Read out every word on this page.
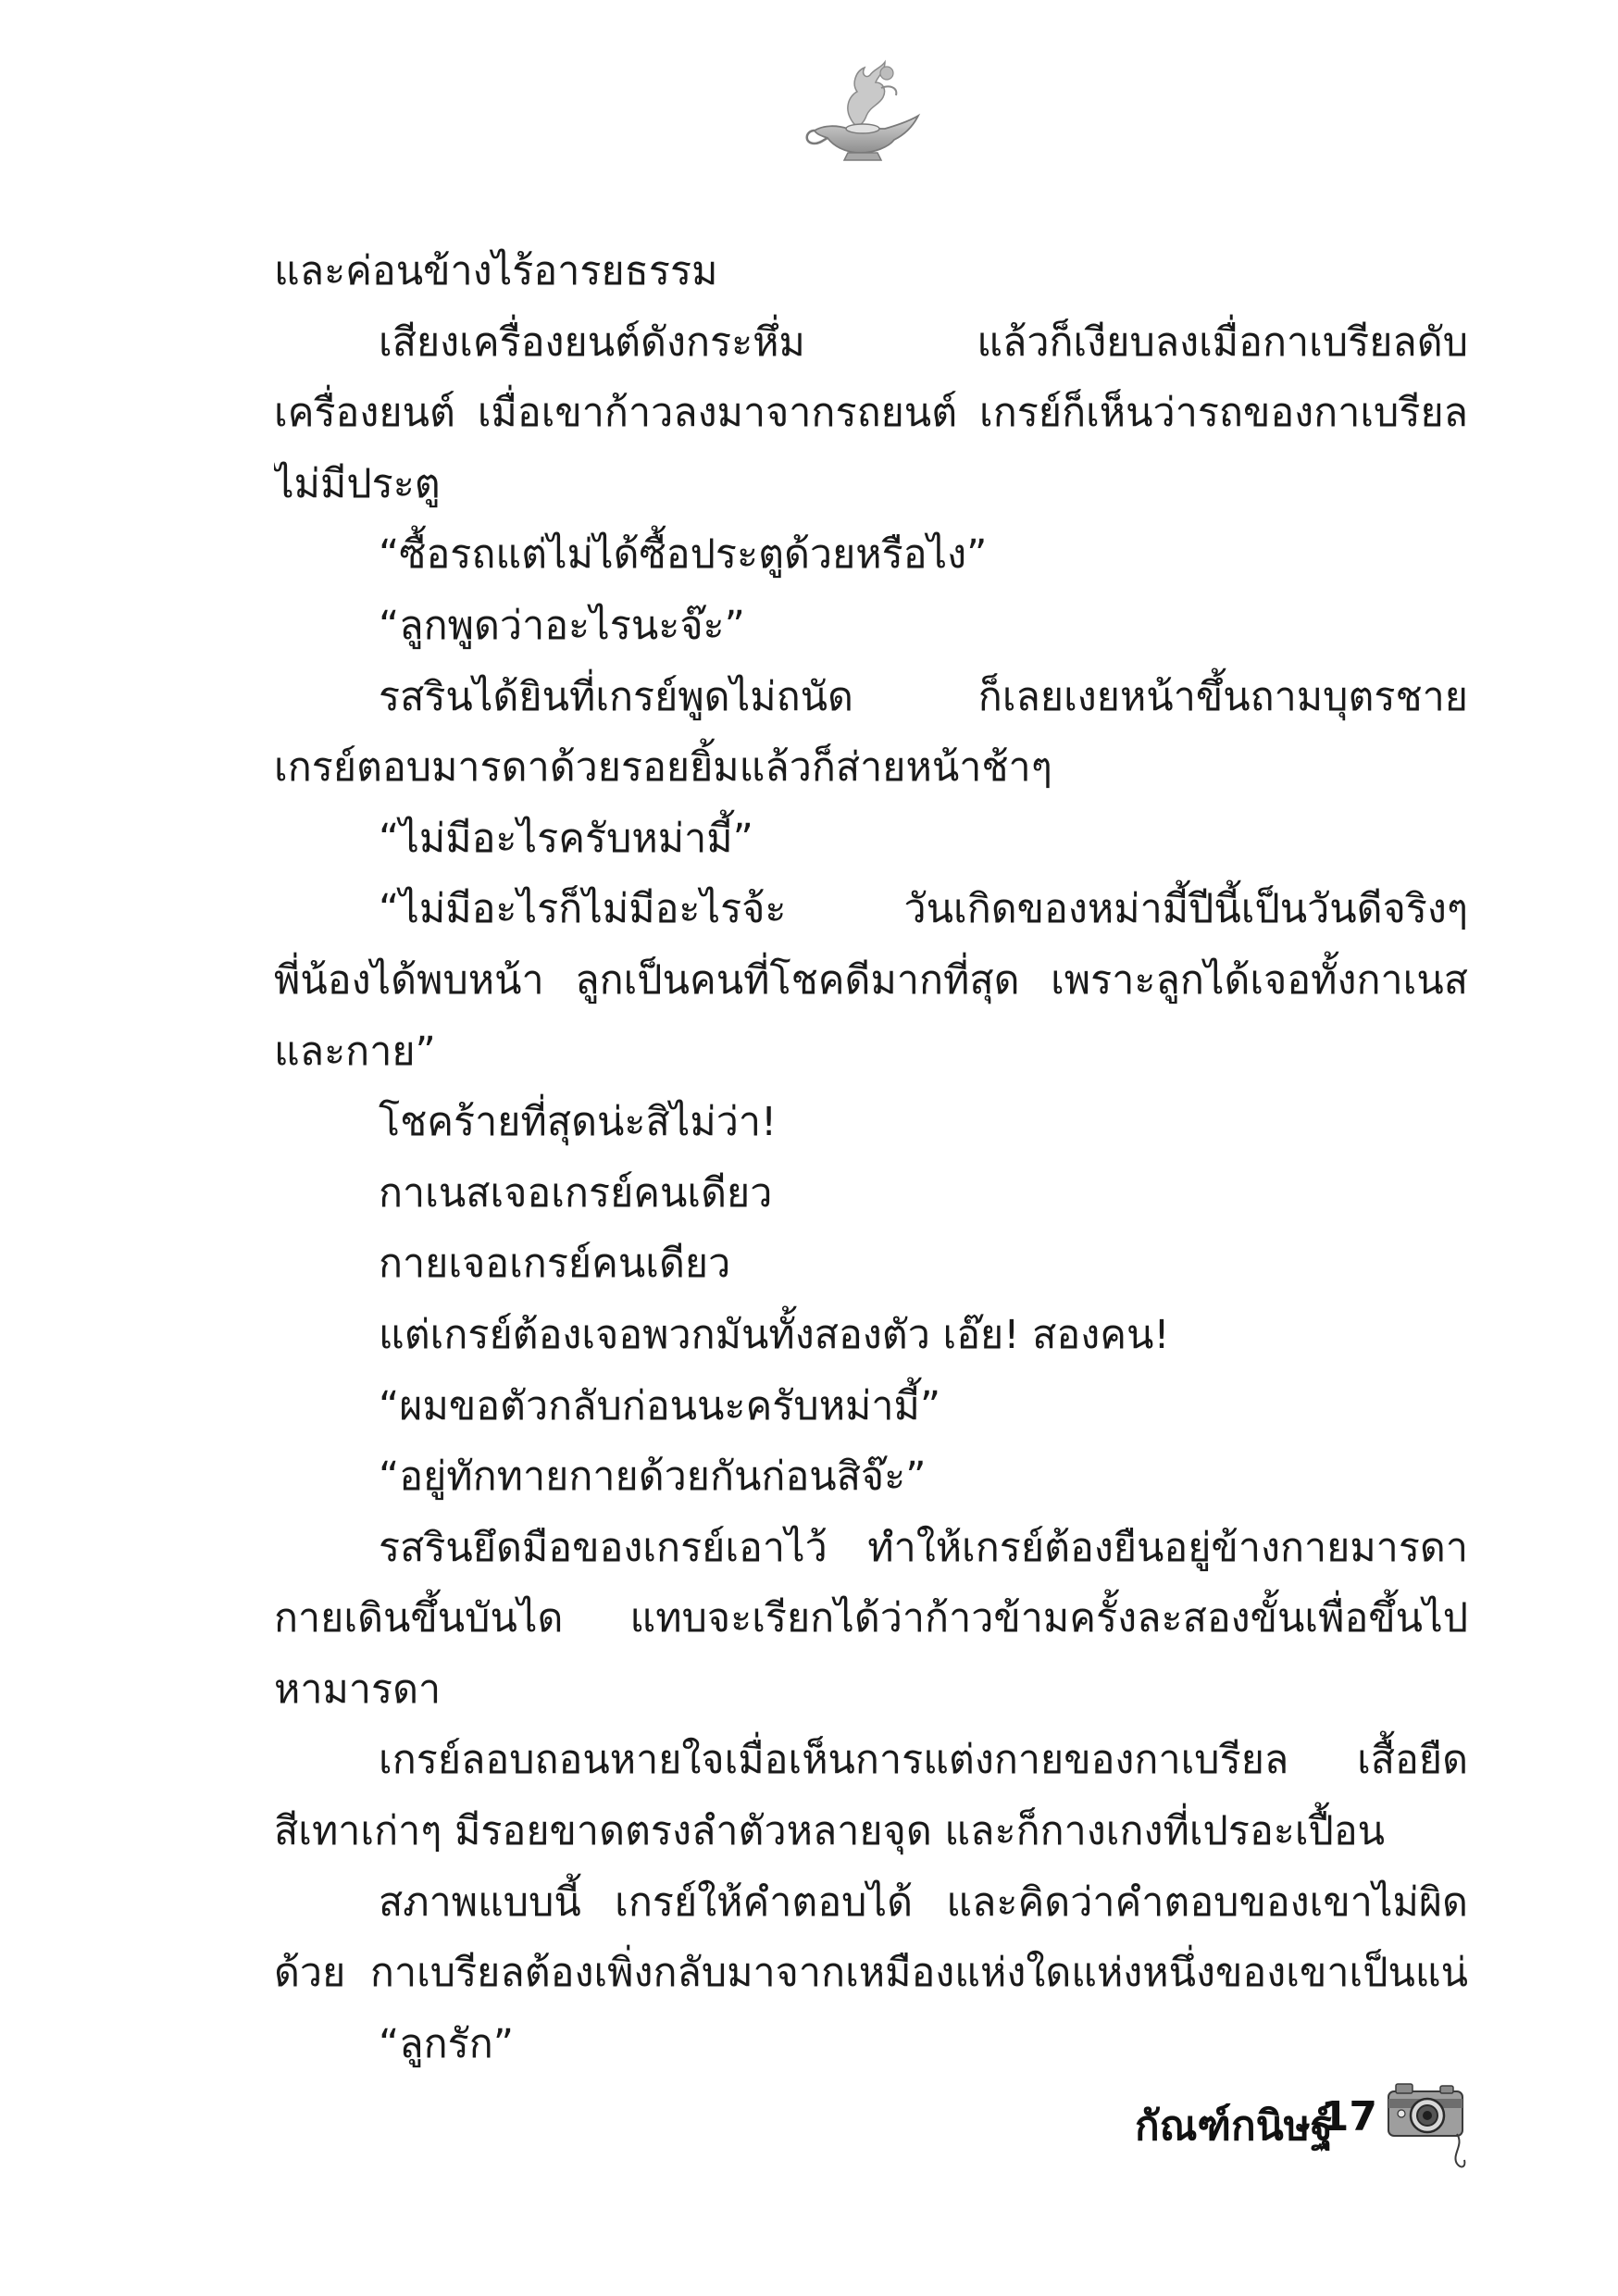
และค่อนข้างไร้อารยธรรม
เสียงเครื่องยนต์ดังกระหึ่ม แล้วก็เงียบลงเมื่อกาเบรียลดับ
เครื่องยนต์ เมื่อเขาก้าวลงมาจากรถยนต์ เกรย์ก็เห็นว่ารถของกาเบรียล
ไม่มีประตู
“ซื้อรถแต่ไม่ได้ซื้อประตูด้วยหรือไง”
“ลูกพูดว่าอะไรนะจ๊ะ”
รสรินได้ยินที่เกรย์พูดไม่ถนัด ก็เลยเงยหน้าขึ้นถามบุตรชาย
เกรย์ตอบมารดาด้วยรอยยิ้มแล้วก็ส่ายหน้าช้าๆ
“ไม่มีอะไรครับหม่ามี้”
“ไม่มีอะไรก็ไม่มีอะไรจ้ะ วันเกิดของหม่ามี้ปีนี้เป็นวันดีจริงๆ
พี่น้องได้พบหน้า ลูกเป็นคนที่โชคดีมากที่สุด เพราะลูกได้เจอทั้งกาเนส
และกาย”
โชคร้ายที่สุดน่ะสิไม่ว่า!
กาเนสเจอเกรย์คนเดียว
กายเจอเกรย์คนเดียว
แต่เกรย์ต้องเจอพวกมันทั้งสองตัว เอ๊ย! สองคน!
“ผมขอตัวกลับก่อนนะครับหม่ามี้”
“อยู่ทักทายกายด้วยกันก่อนสิจ๊ะ”
รสรินยึดมือของเกรย์เอาไว้ ทำให้เกรย์ต้องยืนอยู่ข้างกายมารดา
กายเดินขึ้นบันได แทบจะเรียกได้ว่าก้าวข้ามครั้งละสองขั้นเพื่อขึ้นไป
หามารดา
เกรย์ลอบถอนหายใจเมื่อเห็นการแต่งกายของกาเบรียล เสื้อยืด
สีเทาเก่าๆ มีรอยขาดตรงลำตัวหลายจุด และก็กางเกงที่เปรอะเปื้อน
สภาพแบบนี้ เกรย์ให้คำตอบได้ และคิดว่าคำตอบของเขาไม่ผิด
ด้วย กาเบรียลต้องเพิ่งกลับมาจากเหมืองแห่งใดแห่งหนึ่งของเขาเป็นแน่
“ลูกรัก”
กัณฑ์กนิษฐ์
17
